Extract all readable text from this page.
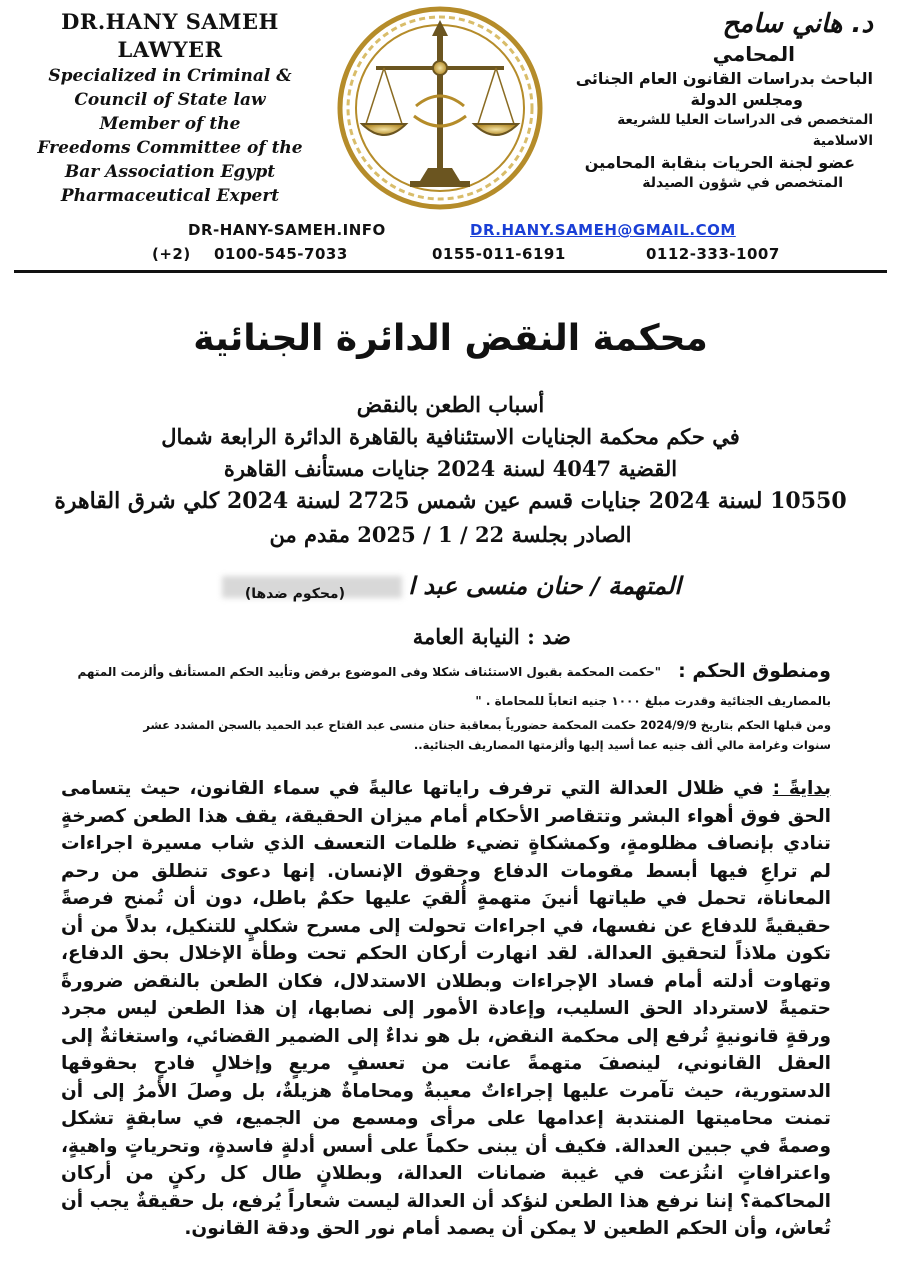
DR.HANY SAMEH
LAWYER
Specialized in Criminal &
Council of State law
Member of the
Freedoms Committee of the
Bar Association Egypt
Pharmaceutical Expert
د. هاني سامح
المحامي
الباحث بدراسات القانون العام الجنائى
ومجلس الدولة
المتخصص فى الدراسات العليا للشريعة الاسلامية
عضو لجنة الحريات بنقابة المحامين
المتخصص في شؤون الصيدلة
DR-HANY-SAMEH.INFO	DR.HANY.SAMEH@GMAIL.COM
(+2) 0100-545-7033	0155-011-6191	0112-333-1007
محكمة النقض الدائرة الجنائية
أسباب الطعن بالنقض
في حكم محكمة الجنايات الاستئنافية بالقاهرة الدائرة الرابعة شمال
القضية 4047 لسنة 2024 جنايات مستأنف القاهرة
10550 لسنة 2024 جنايات قسم عين شمس 2725 لسنة 2024 كلي شرق القاهرة
الصادر بجلسة 22 / 1 / 2025 مقدم من
المتهمة / حنان منسى عبد ا
(محكوم ضدها)
ضد : النيابة العامة
ومنطوق الحكم :
"حكمت المحكمة بقبول الاستئناف شكلا وفى الموضوع برفض وتأييد الحكم المستأنف وألزمت المتهم
بالمصاريف الجنائية وقدرت مبلغ ١٠٠٠ جنيه اتعاباً للمحاماة . "
ومن قبلها الحكم بتاريخ 2024/9/9 حكمت المحكمة حضورياً بمعاقبة حنان منسى عبد الفتاح عبد الحميد بالسجن المشدد عشر
سنوات وغرامة مالي ألف جنيه عما أسيد إليها وألزمتها المصاريف الجنائية..
بدايةً : في ظلال العدالة التي ترفرف راياتها عاليةً في سماء القانون، حيث يتسامى الحق فوق أهواء البشر وتتقاصر الأحكام أمام ميزان الحقيقة، يقف هذا الطعن كصرخةٍ تنادي بإنصاف مظلومةٍ، وكمشكاةٍ تضيء ظلمات التعسف الذي شاب مسيرة اجراءات لم تراعِ فيها أبسط مقومات الدفاع وحقوق الإنسان. إنها دعوى تنطلق من رحم المعاناة، تحمل في طياتها أنينَ متهمةٍ أُلقيَ عليها حكمٌ باطل، دون أن تُمنح فرصةً حقيقيةً للدفاع عن نفسها، في اجراءات تحولت إلى مسرح شكليٍ للتنكيل، بدلاً من أن تكون ملاذاً لتحقيق العدالة. لقد انهارت أركان الحكم تحت وطأة الإخلال بحق الدفاع، وتهاوت أدلته أمام فساد الإجراءات وبطلان الاستدلال، فكان الطعن بالنقض ضرورةً حتميةً لاسترداد الحق السليب، وإعادة الأمور إلى نصابها، إن هذا الطعن ليس مجرد ورقةٍ قانونيةٍ تُرفع إلى محكمة النقض، بل هو نداءٌ إلى الضمير القضائي، واستغاثةٌ إلى العقل القانوني، لينصفَ متهمةً عانت من تعسفٍ مريعٍ وإخلالٍ فادحٍ بحقوقها الدستورية، حيث تآمرت عليها إجراءاتٌ معيبةٌ ومحاماةٌ هزيلةٌ، بل وصلَ الأمرُ إلى أن تمنت محاميتها المنتدبة إعدامها على مرأى ومسمع من الجميع، في سابقةٍ تشكل وصمةً في جبين العدالة. فكيف أن يبنى حكماً على أسس أدلةٍ فاسدةٍ، وتحرياتٍ واهيةٍ، واعترافاتٍ انتُزعت في غيبة ضمانات العدالة، وبطلانٍ طال كل ركنٍ من أركان المحاكمة؟ إننا نرفع هذا الطعن لنؤكد أن العدالة ليست شعاراً يُرفع، بل حقيقةٌ يجب أن تُعاش، وأن الحكم الطعين لا يمكن أن يصمد أمام نور الحق ودقة القانون.
